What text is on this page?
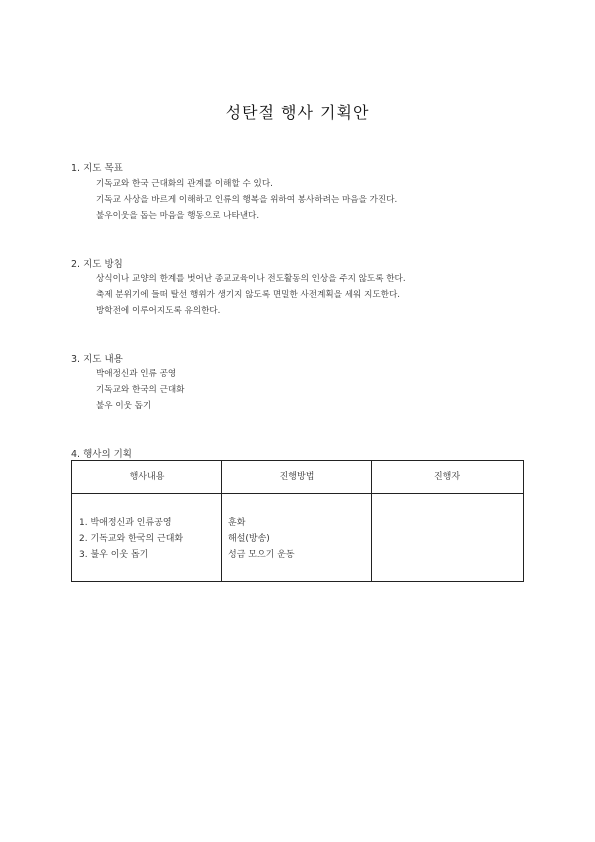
성탄절 행사 기획안
1. 지도 목표
기독교와 한국 근대화의 관계를 이해할 수 있다.
기독교 사상을 바르게 이해하고 인류의 행복을 위하여 봉사하려는 마음을 가진다.
불우이웃을 돕는 마음을 행동으로 나타낸다.
2. 지도 방침
상식이나 교양의 한계를 벗어난 종교교육이나 전도활동의 인상을 주지 않도록 한다.
축제 분위기에 들떠 탈선 행위가 생기지 않도록 면밀한 사전계획을 세워 지도한다.
방학전에 이루어지도록 유의한다.
3. 지도 내용
박애정신과 인류 공영
기독교와 한국의 근대화
불우 이웃 돕기
4. 행사의 기획
행사내용	진행방법	진행자
1. 박애정신과 인류공영
2. 기독교와 한국의 근대화
3. 불우 이웃 돕기
훈화
해설(방송)
성금 모으기 운동
